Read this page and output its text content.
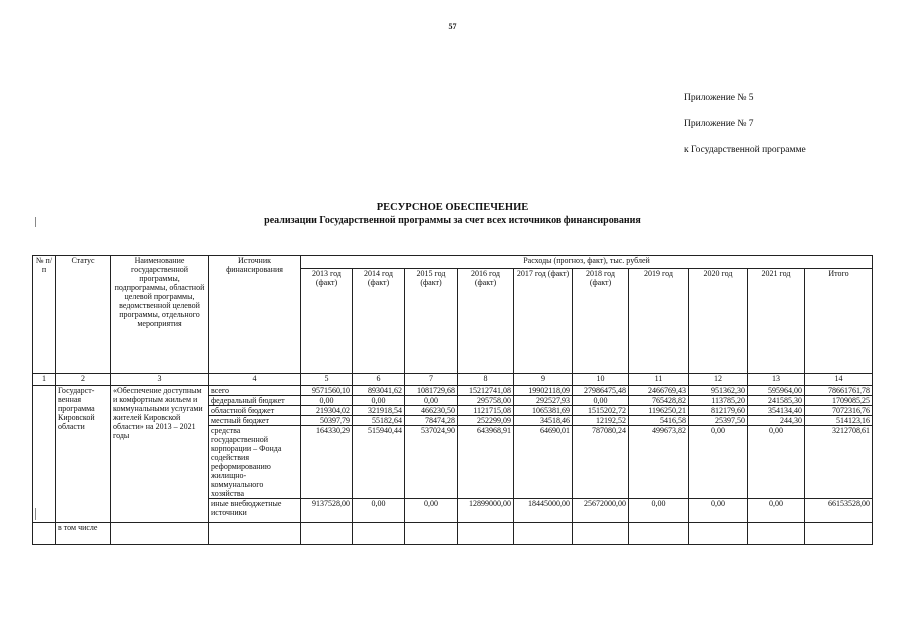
57
Приложение № 5
Приложение № 7
к Государственной программе
РЕСУРСНОЕ ОБЕСПЕЧЕНИЕ
реализации Государственной программы за счет всех источников финансирования
№ п/п	Статус	Наименование государственной программы, подпрограммы, областной целевой программы, ведомственной целевой программы, отдельного мероприятия	Источник финансирования	Расходы (прогноз, факт), тыс. рублей									
				2013 год (факт)	2014 год (факт)	2015 год (факт)	2016 год (факт)	2017 год (факт)	2018 год (факт)	2019 год	2020 год	2021 год	Итого
1	2	3	4	5	6	7	8	9	10	11	12	13	14
	Государст-венная программа Кировской области	«Обеспечение доступным и комфортным жильем и коммунальными услугами жителей Кировской области» на 2013 – 2021 годы	всего	9571560,10	893041,62	1081729,68	15212741,08	19902118,09	27986475,48	2466769,43	951362,30	595964,00	78661761,78
			федеральный бюджет	0,00	0,00	0,00	295758,00	292527,93	0,00	765428,82	113785,20	241585,30	1709085,25
			областной бюджет	219304,02	321918,54	466230,50	1121715,08	1065381,69	1515202,72	1196250,21	812179,60	354134,40	7072316,76
			местный бюджет	50397,79	55182,64	78474,28	252299,09	34518,46	12192,52	5416,58	25397,50	244,30	514123,16
			средства государственной корпорации – Фонда содействия реформированию жилищно-коммунального хозяйства	164330,29	515940,44	537024,90	643968,91	64690,01	787080,24	499673,82	0,00	0,00	3212708,61
			иные внебюджетные источники	9137528,00	0,00	0,00	12899000,00	18445000,00	25672000,00	0,00	0,00	0,00	66153528,00
	в том числе												
